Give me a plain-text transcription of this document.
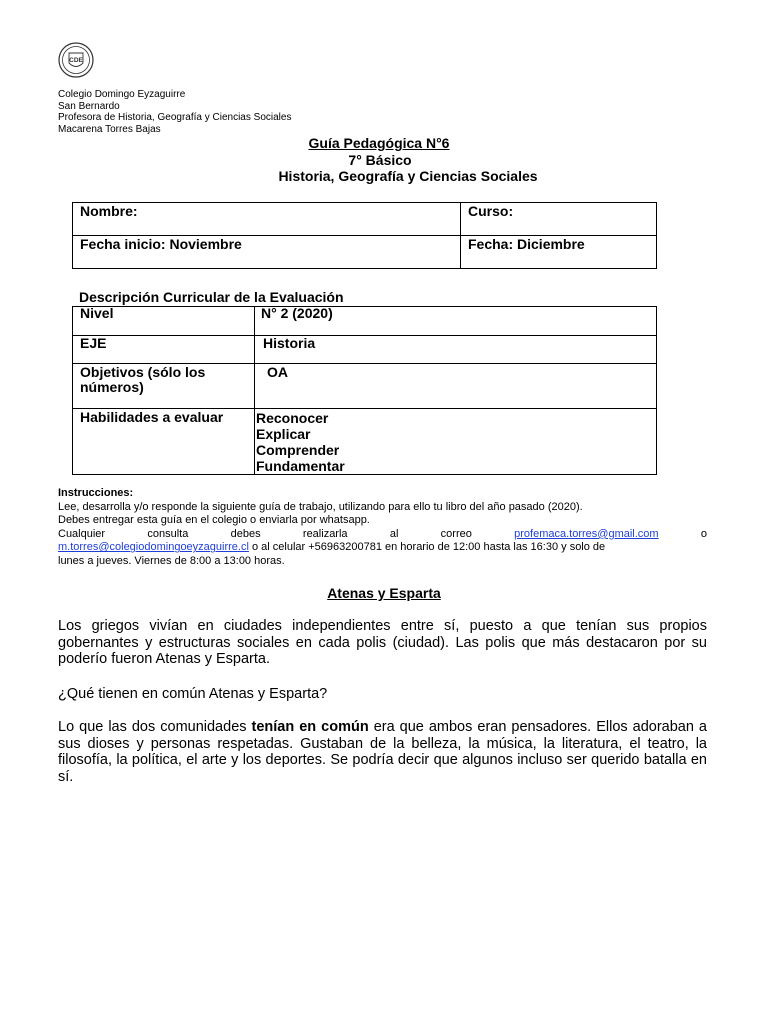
CDE
Colegio Domingo Eyzaguirre
San Bernardo
Profesora de Historia, Geografía y Ciencias Sociales
Macarena Torres Bajas
Guía Pedagógica N°6
7° Básico
Historia, Geografía y Ciencias Sociales
Nombre:	Curso:
Fecha inicio: Noviembre	Fecha: Diciembre
Descripción Curricular de la Evaluación
Nivel	N° 2 (2020)
EJE	Historia
Objetivos (sólo los números)	OA
Habilidades a evaluar	Reconocer
Explicar
Comprender
Fundamentar
Instrucciones:
Lee, desarrolla y/o responde la siguiente guía de trabajo, utilizando para ello tu libro del año pasado (2020).
Debes entregar esta guía en el colegio o enviarla por whatsapp.
Cualquier	consulta	debes	realizarla	al	correo	profemaca.torres@gmail.com	o
m.torres@colegiodomingoeyzaguirre.cl o al celular +56963200781 en horario de 12:00 hasta las 16:30 y solo de
lunes a jueves. Viernes de 8:00 a 13:00 horas.
Atenas y Esparta
Los griegos vivían en ciudades independientes entre sí, puesto a que tenían sus propios gobernantes y estructuras sociales en cada polis (ciudad). Las polis que más destacaron por su poderío fueron Atenas y Esparta.
¿Qué tienen en común Atenas y Esparta?
Lo que las dos comunidades tenían en común era que ambos eran pensadores. Ellos adoraban a sus dioses y personas respetadas. Gustaban de la belleza, la música, la literatura, el teatro, la filosofía, la política, el arte y los deportes. Se podría decir que algunos incluso ser querido batalla en sí.
